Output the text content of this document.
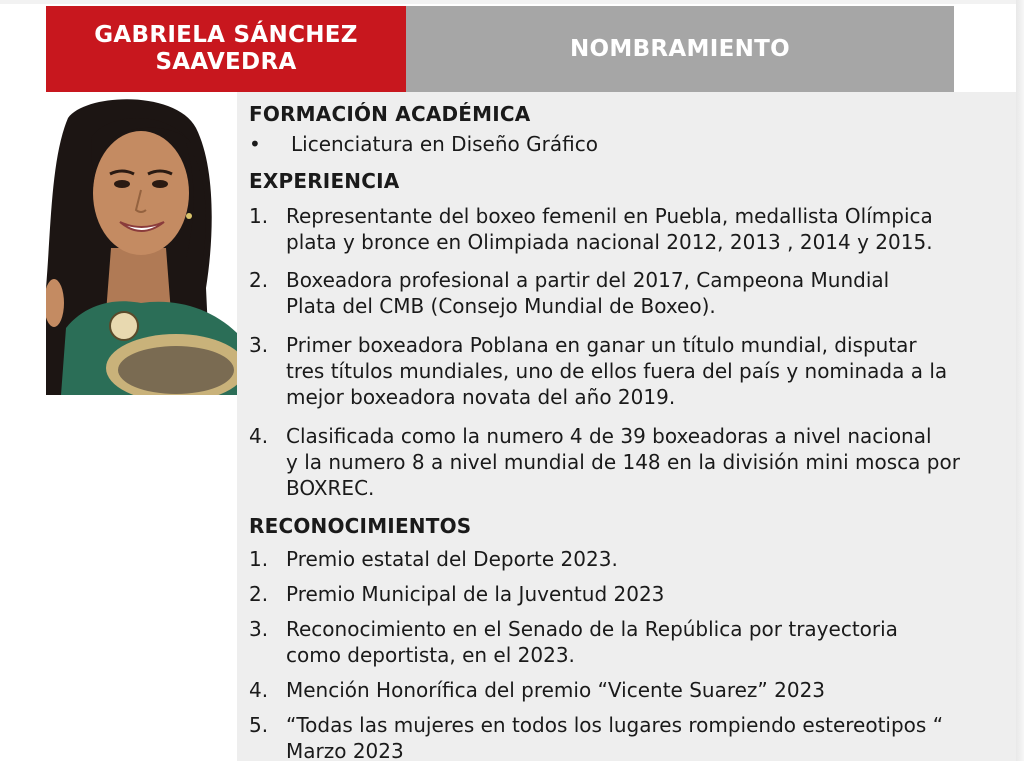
GABRIELA SÁNCHEZ
SAAVEDRA	NOMBRAMIENTO
FORMACIÓN ACADÉMICA
• Licenciatura en Diseño Gráfico
EXPERIENCIA
1. Representante del boxeo femenil en Puebla, medallista Olímpica
plata y bronce en Olimpiada nacional 2012, 2013 , 2014 y 2015.
2. Boxeadora profesional a partir del 2017, Campeona Mundial
Plata del CMB (Consejo Mundial de Boxeo).
3. Primer boxeadora Poblana en ganar un título mundial, disputar
tres títulos mundiales, uno de ellos fuera del país y nominada a la
mejor boxeadora novata del año 2019.
4. Clasificada como la numero 4 de 39 boxeadoras a nivel nacional
y la numero 8 a nivel mundial de 148 en la división mini mosca por
BOXREC.
RECONOCIMIENTOS
1. Premio estatal del Deporte 2023.
2. Premio Municipal de la Juventud 2023
3. Reconocimiento en el Senado de la República por trayectoria
como deportista, en el 2023.
4. Mención Honorífica del premio “Vicente Suarez” 2023
5. “Todas las mujeres en todos los lugares rompiendo estereotipos “
Marzo 2023
